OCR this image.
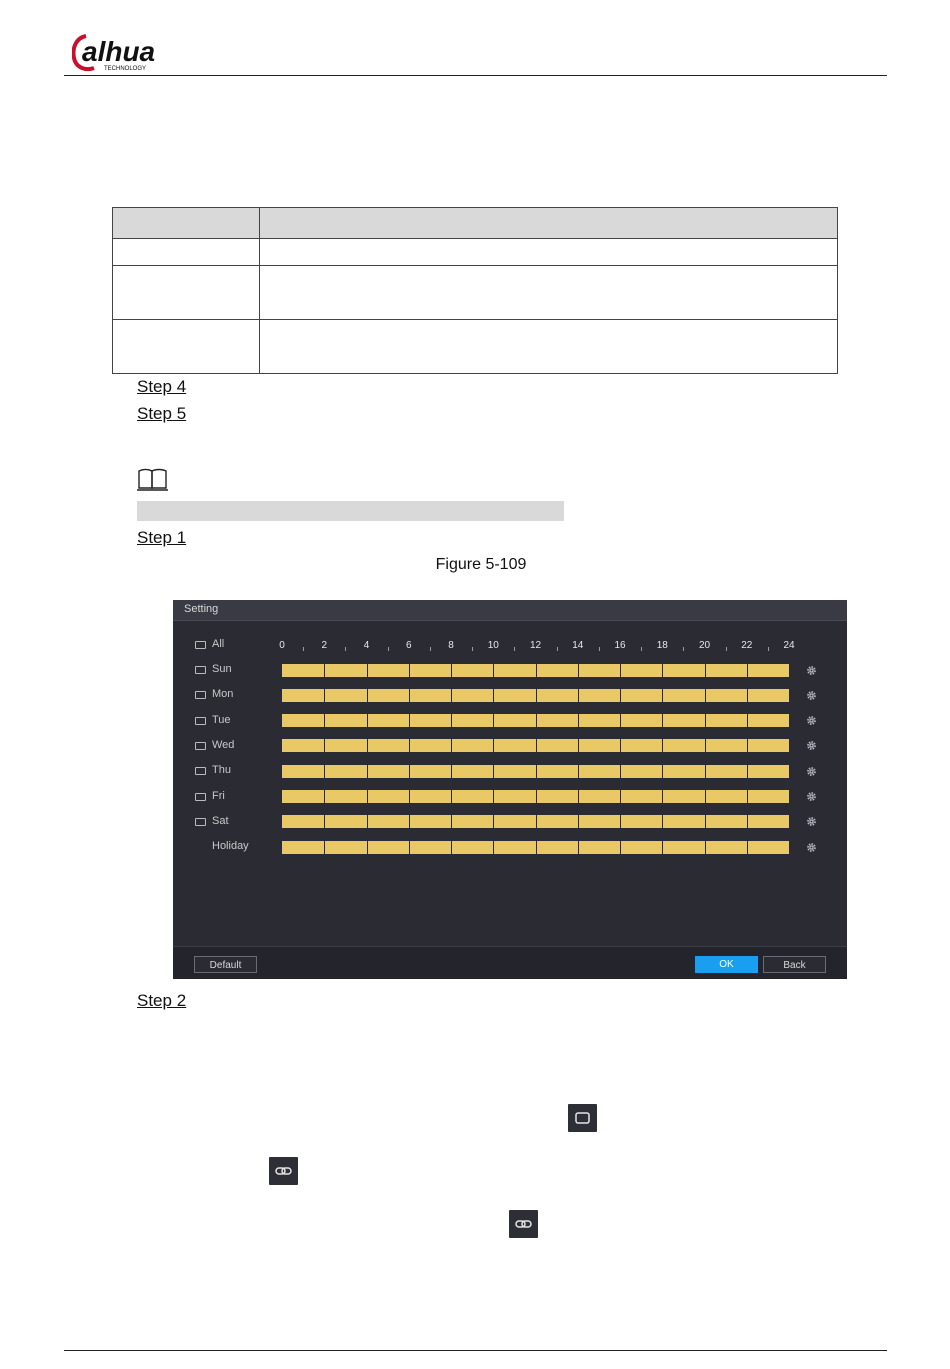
alhua
TECHNOLOGY

Step 4
Step 5
Step 1
Figure 5-109
Setting
All
Default	OK	Back
0	2	4	6	8	10	12	14	16	18	20	22	24
Sun
Mon
Tue
Wed
Thu
Fri
Sat
Holiday
Step 2
